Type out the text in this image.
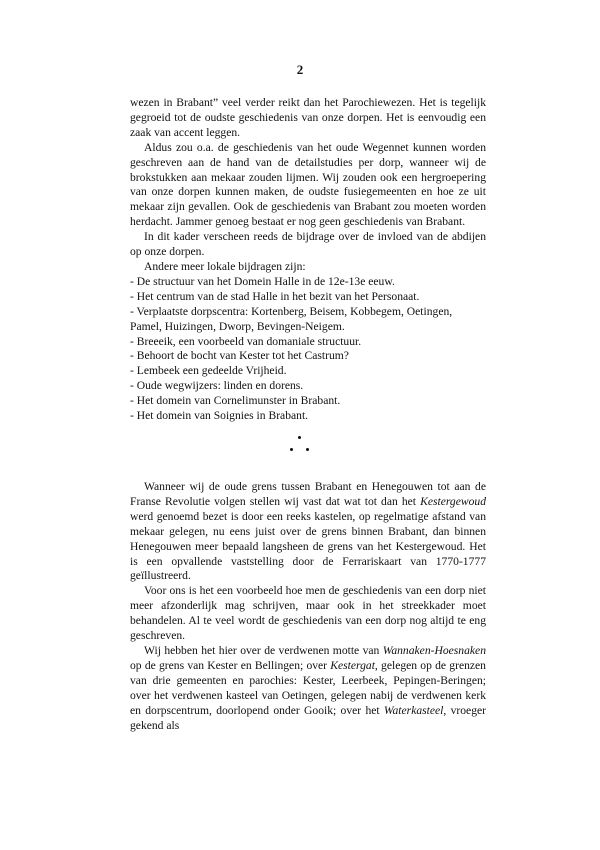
2

wezen in Brabant” veel verder reikt dan het Parochiewezen. Het is tegelijk gegroeid tot de oudste geschiedenis van onze dorpen. Het is eenvoudig een zaak van accent leggen.

Aldus zou o.a. de geschiedenis van het oude Wegennet kunnen worden geschreven aan de hand van de detailstudies per dorp, wanneer wij de brokstukken aan mekaar zouden lijmen. Wij zouden ook een hergroepering van onze dorpen kunnen maken, de oudste fusiegemeenten en hoe ze uit mekaar zijn gevallen. Ook de geschiedenis van Brabant zou moeten worden herdacht. Jammer genoeg bestaat er nog geen geschiedenis van Brabant.

In dit kader verscheen reeds de bijdrage over de invloed van de abdijen op onze dorpen.

Andere meer lokale bijdragen zijn:

- De structuur van het Domein Halle in de 12e-13e eeuw.
- Het centrum van de stad Halle in het bezit van het Personaat.
- Verplaatste dorpscentra: Kortenberg, Beisem, Kobbegem, Oetingen, Pamel, Huizingen, Dworp, Bevingen-Neigem.
- Breeeik, een voorbeeld van domaniale structuur.
- Behoort de bocht van Kester tot het Castrum?
- Lembeek een gedeelde Vrijheid.
- Oude wegwijzers: linden en dorens.
- Het domein van Cornelimunster in Brabant.
- Het domein van Soignies in Brabant.

Wanneer wij de oude grens tussen Brabant en Henegouwen tot aan de Franse Revolutie volgen stellen wij vast dat wat tot dan het Kestergewoud werd genoemd bezet is door een reeks kastelen, op regelmatige afstand van mekaar gelegen, nu eens juist over de grens binnen Brabant, dan binnen Henegouwen meer bepaald langsheen de grens van het Kestergewoud. Het is een opvallende vaststelling door de Ferrariskaart van 1770-1777 geïllustreerd.

Voor ons is het een voorbeeld hoe men de geschiedenis van een dorp niet meer afzonderlijk mag schrijven, maar ook in het streekkader moet behandelen. Al te veel wordt de geschiedenis van een dorp nog altijd te eng geschreven.

Wij hebben het hier over de verdwenen motte van Wannaken-Hoesnaken op de grens van Kester en Bellingen; over Kestergat, gelegen op de grenzen van drie gemeenten en parochies: Kester, Leerbeek, Pepingen-Beringen; over het verdwenen kasteel van Oetingen, gelegen nabij de verdwenen kerk en dorpscentrum, doorlopend onder Gooik; over het Waterkasteel, vroeger gekend als
